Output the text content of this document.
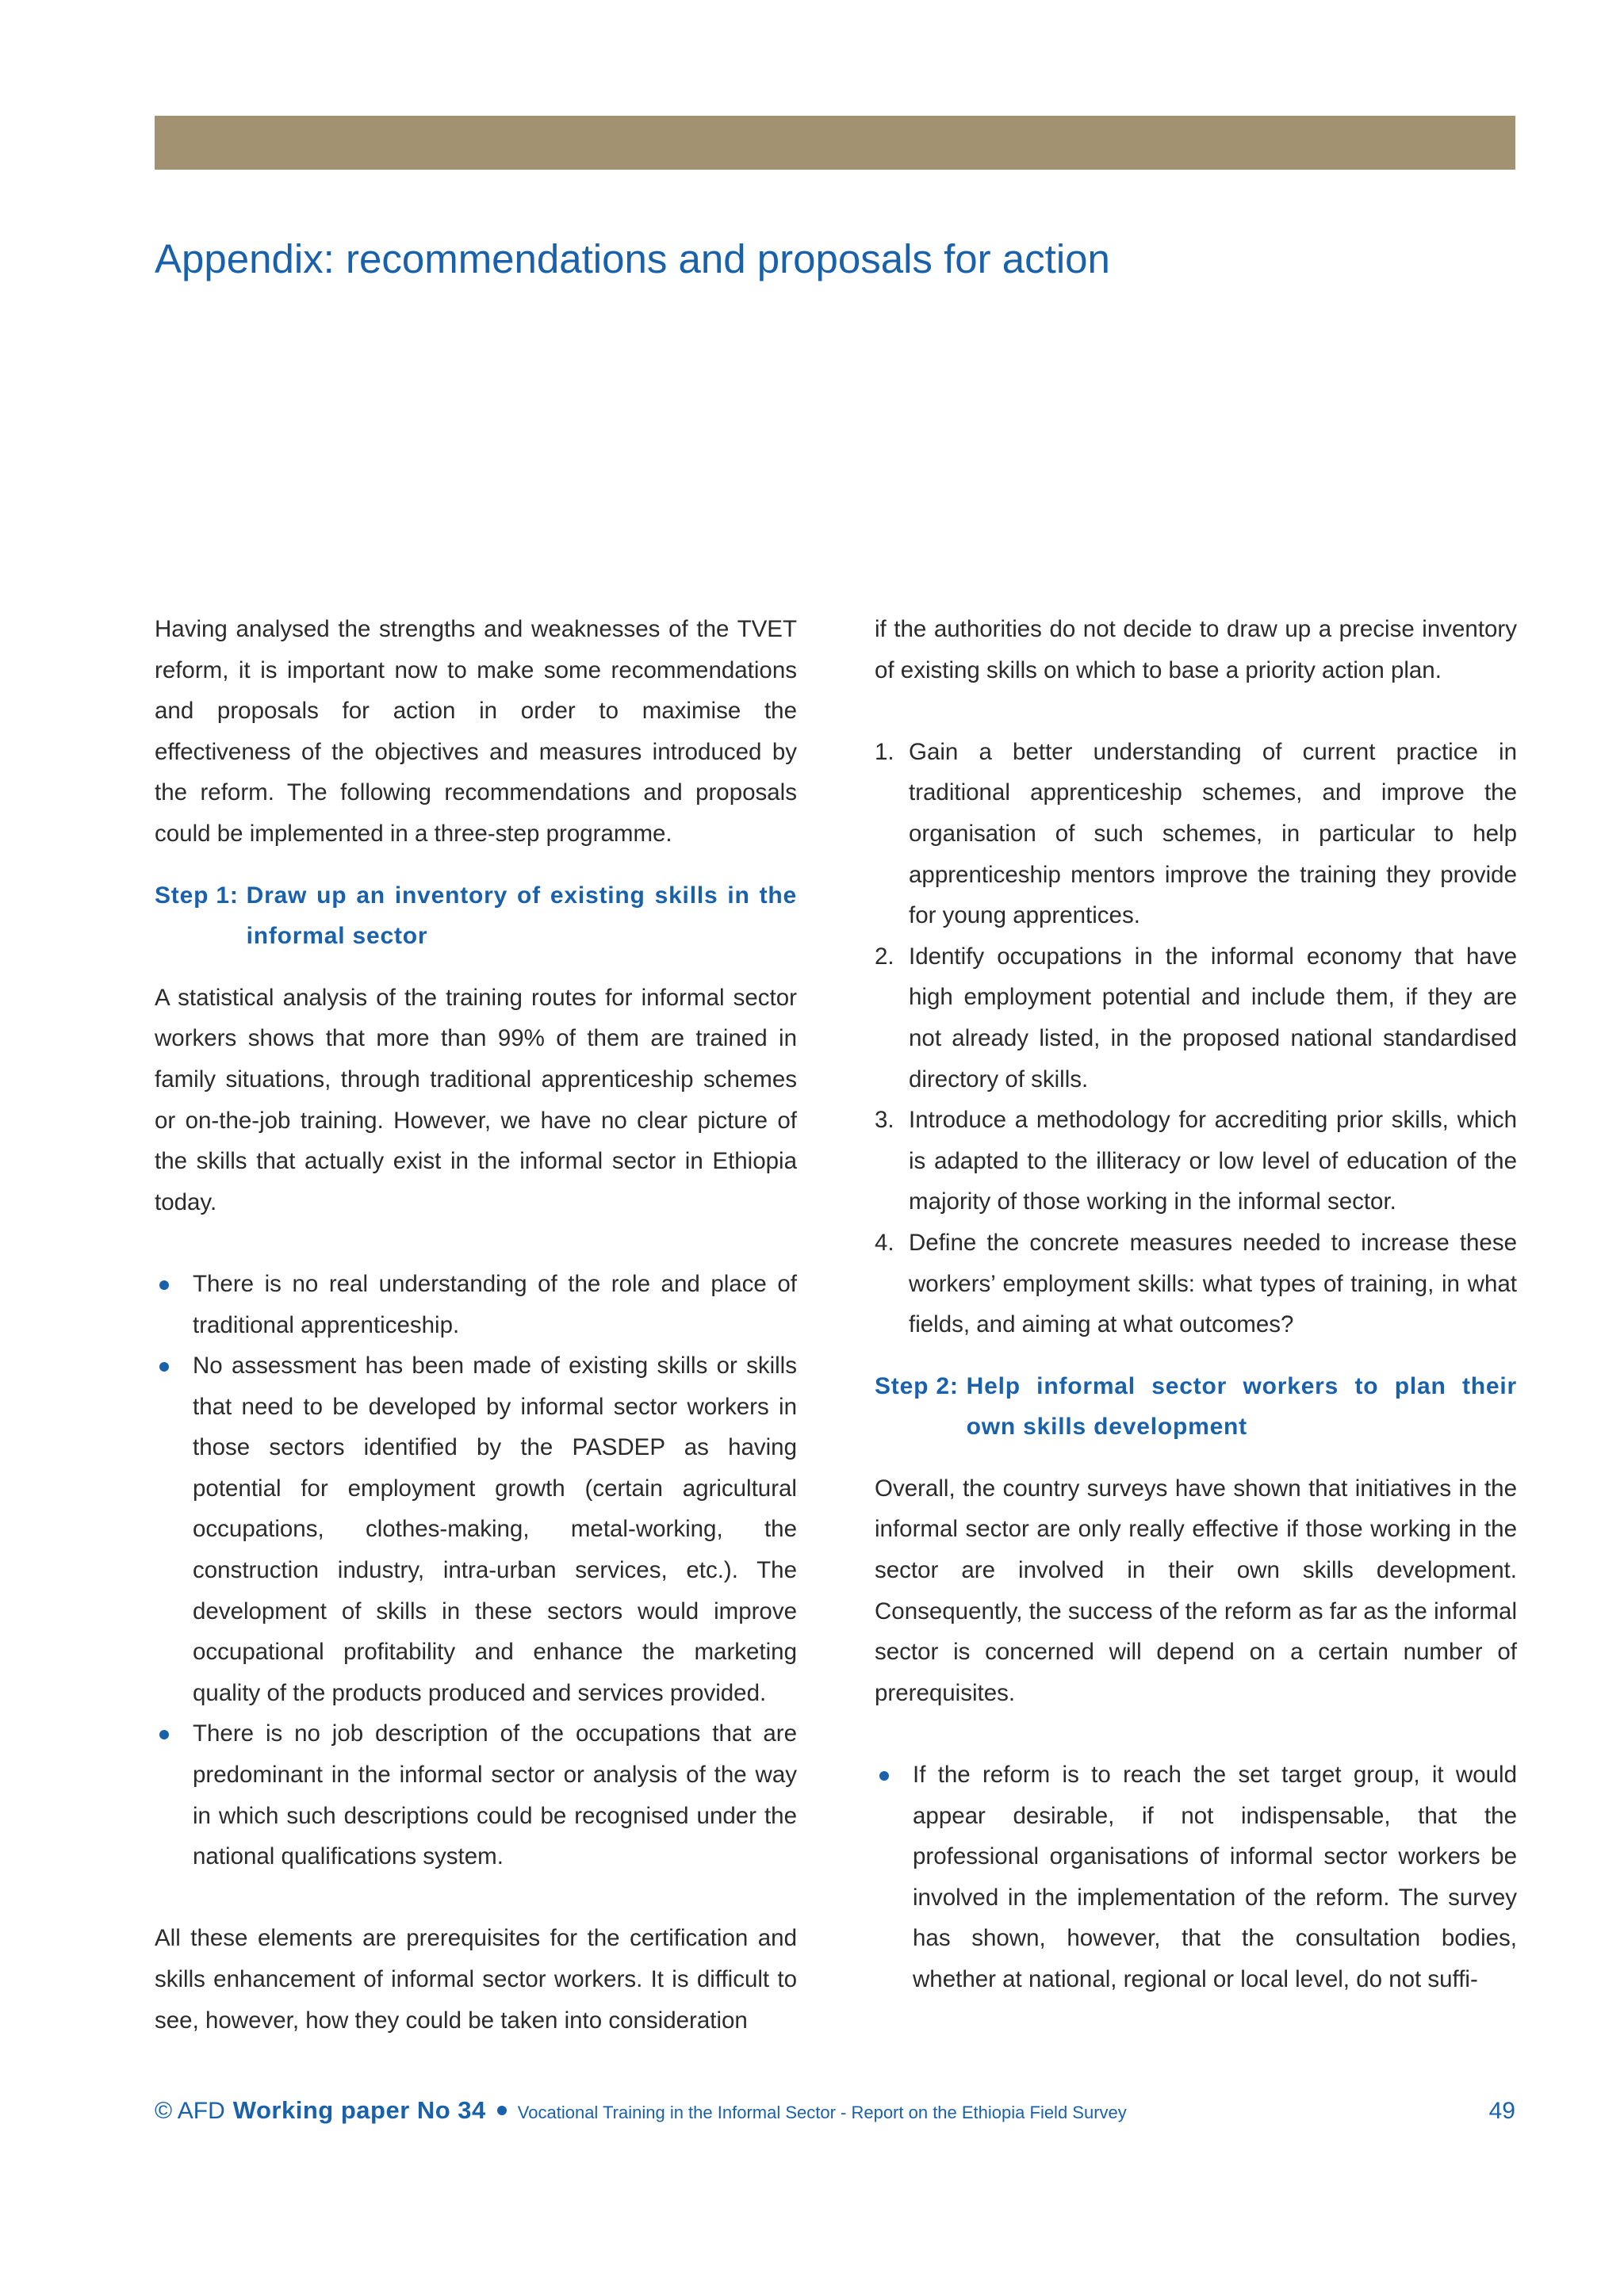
Appendix: recommendations and proposals for action

Having analysed the strengths and weaknesses of the TVET reform, it is important now to make some recommendations and proposals for action in order to maximise the effectiveness of the objectives and measures introduced by the reform. The following recommendations and proposals could be implemented in a three-step programme.

Step 1: Draw up an inventory of existing skills in the informal sector

A statistical analysis of the training routes for informal sector workers shows that more than 99% of them are trained in family situations, through traditional apprenticeship schemes or on-the-job training. However, we have no clear picture of the skills that actually exist in the informal sector in Ethiopia today.

There is no real understanding of the role and place of traditional apprenticeship.
No assessment has been made of existing skills or skills that need to be developed by informal sector workers in those sectors identified by the PASDEP as having potential for employment growth (certain agricultural occupations, clothes-making, metal-working, the construction industry, intra-urban services, etc.). The development of skills in these sectors would improve occupational profitability and enhance the marketing quality of the products produced and services provided.
There is no job description of the occupations that are predominant in the informal sector or analysis of the way in which such descriptions could be recognised under the national qualifications system.

All these elements are prerequisites for the certification and skills enhancement of informal sector workers. It is difficult to see, however, how they could be taken into consideration

if the authorities do not decide to draw up a precise inventory of existing skills on which to base a priority action plan.

1. Gain a better understanding of current practice in traditional apprenticeship schemes, and improve the organisation of such schemes, in particular to help apprenticeship mentors improve the training they provide for young apprentices.
2. Identify occupations in the informal economy that have high employment potential and include them, if they are not already listed, in the proposed national standardised directory of skills.
3. Introduce a methodology for accrediting prior skills, which is adapted to the illiteracy or low level of education of the majority of those working in the informal sector.
4. Define the concrete measures needed to increase these workers’ employment skills: what types of training, in what fields, and aiming at what outcomes?
Step 2: Help informal sector workers to plan their own skills development

Overall, the country surveys have shown that initiatives in the informal sector are only really effective if those working in the sector are involved in their own skills development. Consequently, the success of the reform as far as the informal sector is concerned will depend on a certain number of prerequisites.

If the reform is to reach the set target group, it would appear desirable, if not indispensable, that the professional organisations of informal sector workers be involved in the implementation of the reform. The survey has shown, however, that the consultation bodies, whether at national, regional or local level, do not suffi-
© AFD Working paper No 34 Vocational Training in the Informal Sector - Report on the Ethiopia Field Survey	49
